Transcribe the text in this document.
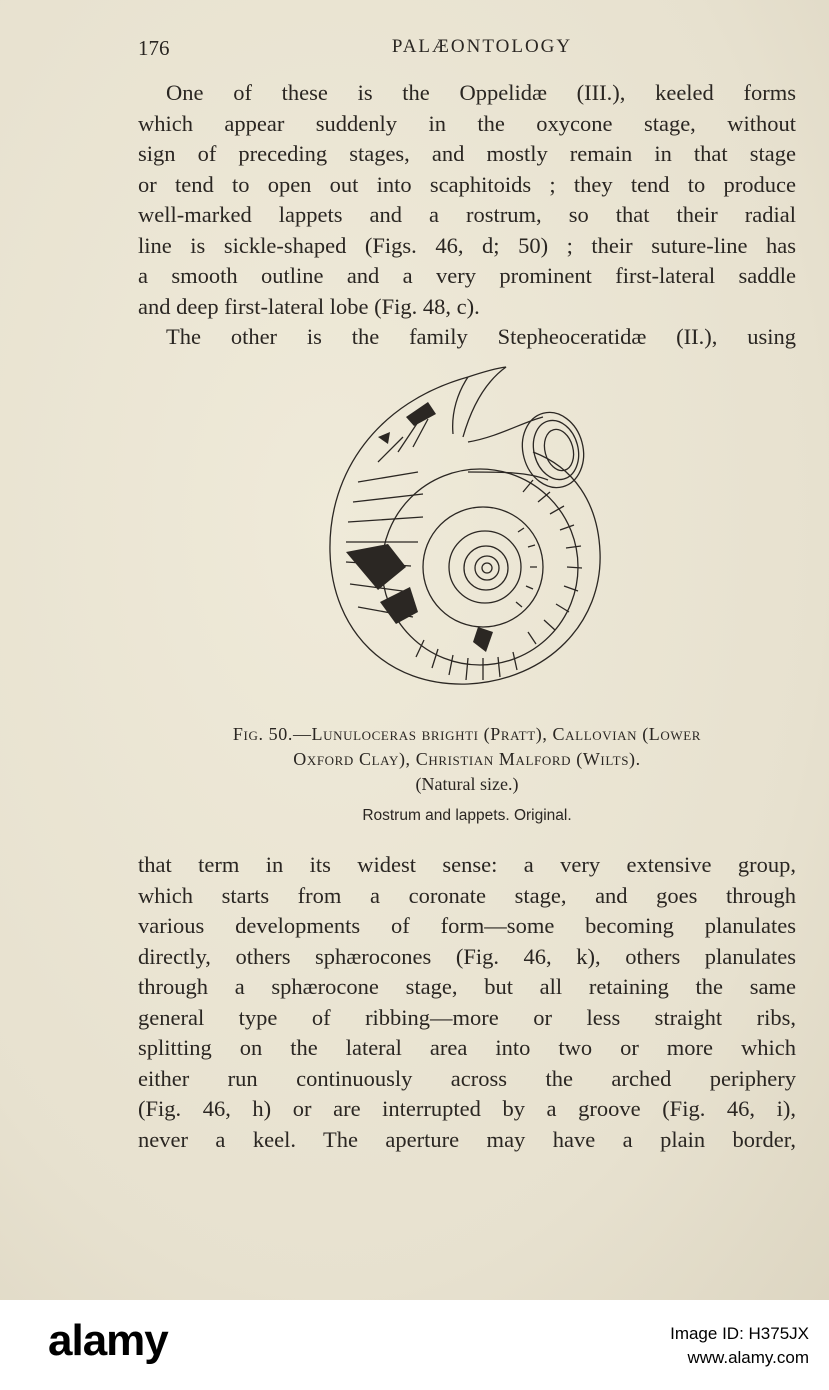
176	PALÆONTOLOGY
One of these is the Oppelidæ (III.), keeled forms
which appear suddenly in the oxycone stage, without
sign of preceding stages, and mostly remain in that stage
or tend to open out into scaphitoids ; they tend to produce
well-marked lappets and a rostrum, so that their radial
line is sickle-shaped (Figs. 46, d; 50) ; their suture-line has
a smooth outline and a very prominent first-lateral saddle
and deep first-lateral lobe (Fig. 48, c).
The other is the family Stepheoceratidæ (II.), using
Fig. 50.—Lunuloceras brighti (Pratt), Callovian (Lower
Oxford Clay), Christian Malford (Wilts).
(Natural size.)
Rostrum and lappets. Original.
that term in its widest sense: a very extensive group,
which starts from a coronate stage, and goes through
various developments of form—some becoming planulates
directly, others sphærocones (Fig. 46, k), others planulates
through a sphærocone stage, but all retaining the same
general type of ribbing—more or less straight ribs,
splitting on the lateral area into two or more which
either run continuously across the arched periphery
(Fig. 46, h) or are interrupted by a groove (Fig. 46, i),
never a keel. The aperture may have a plain border,
alamy	Image ID: H375JX
www.alamy.com
